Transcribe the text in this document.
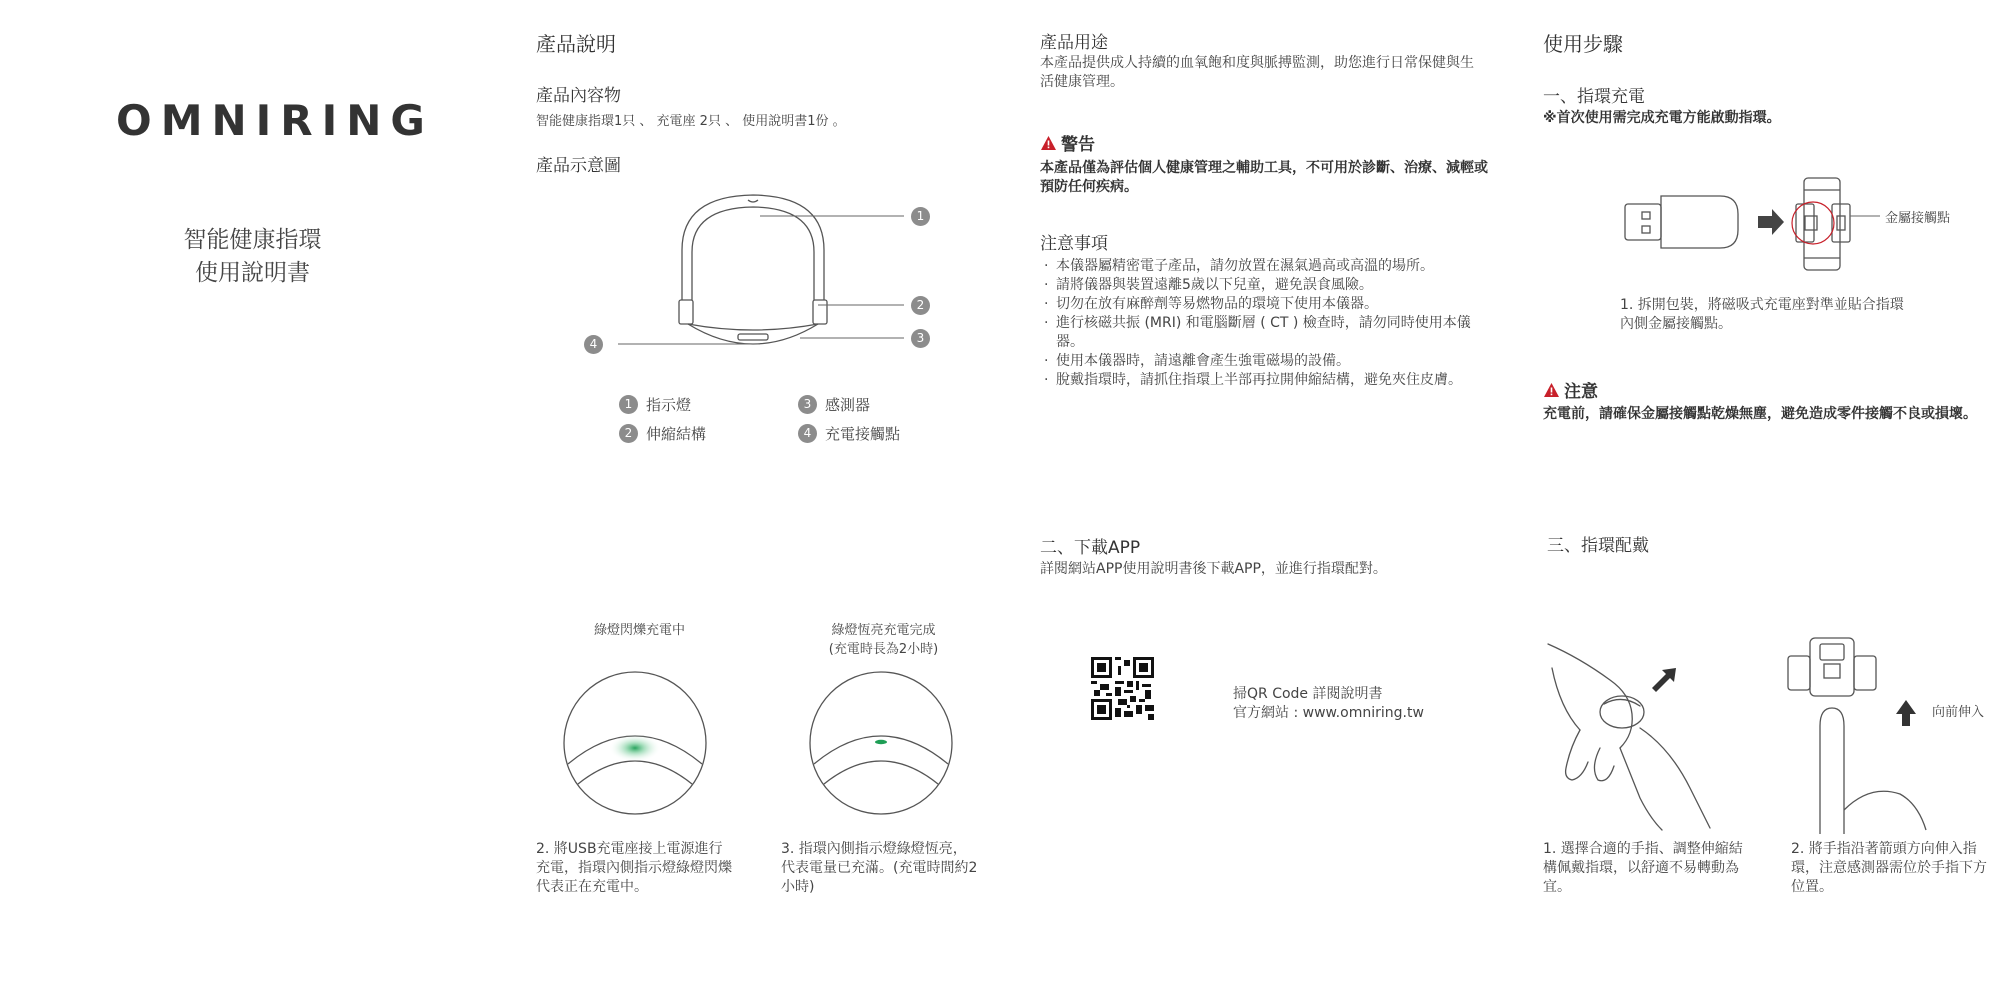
OMNIRING
智能健康指環
使用說明書
產品說明
產品內容物
智能健康指環1只 、 充電座 2只 、 使用說明書1份 。
產品示意圖
1
2
3
4
1 指示燈
2 伸縮結構
3 感測器
4 充電接觸點
產品用途
本產品提供成人持續的血氧飽和度與脈搏監測，助您進行日常保健與生活健康管理。
警告
本產品僅為評估個人健康管理之輔助工具，不可用於診斷、治療、減輕或預防任何疾病。
注意事項
· 本儀器屬精密電子產品，請勿放置在濕氣過高或高溫的場所。
· 請將儀器與裝置遠離5歲以下兒童，避免誤食風險。
· 切勿在放有麻醉劑等易燃物品的環境下使用本儀器。
· 進行核磁共振 (MRI) 和電腦斷層 ( CT ) 檢查時，請勿同時使用本儀器。
· 使用本儀器時，請遠離會產生強電磁場的設備。
· 脫戴指環時，請抓住指環上半部再拉開伸縮結構，避免夾住皮膚。
使用步驟
一、指環充電
※首次使用需完成充電方能啟動指環。
金屬接觸點
1. 拆開包裝，將磁吸式充電座對準並貼合指環內側金屬接觸點。
注意
充電前，請確保金屬接觸點乾燥無塵，避免造成零件接觸不良或損壞。
綠燈閃爍充電中	綠燈恆亮充電完成
(充電時長為2小時)
2. 將USB充電座接上電源進行充電，指環內側指示燈綠燈閃爍代表正在充電中。
3. 指環內側指示燈綠燈恆亮，代表電量已充滿。(充電時間約2小時)
二、下載APP
詳閱網站APP使用說明書後下載APP，並進行指環配對。
掃QR Code 詳閱說明書
官方網站 : www.omniring.tw
三、指環配戴
向前伸入
1. 選擇合適的手指、調整伸縮結構佩戴指環，以舒適不易轉動為宜。
2. 將手指沿著箭頭方向伸入指環，注意感測器需位於手指下方位置。
